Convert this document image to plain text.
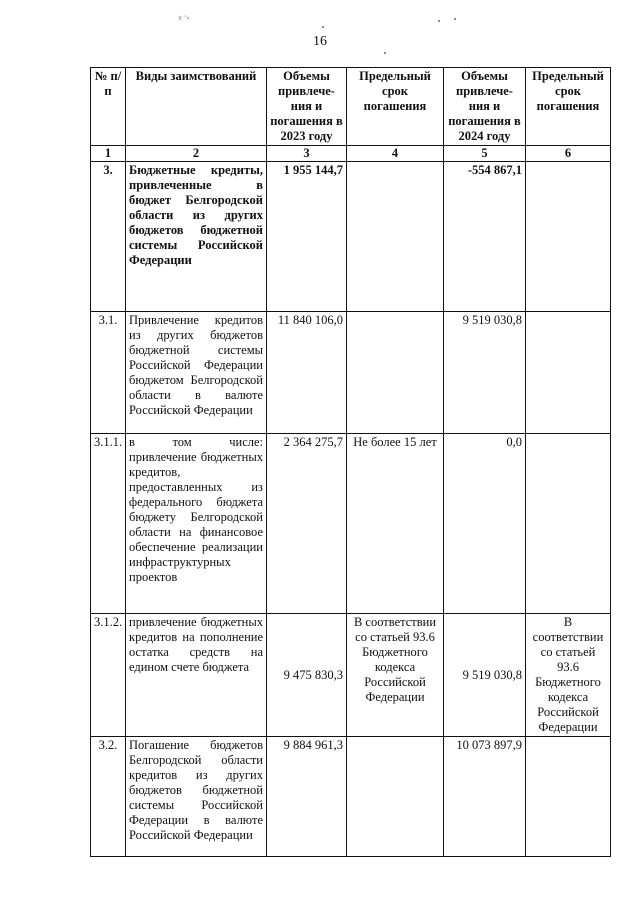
☓ ˜ᵃ
16
№ п/п	Виды заимствований	Объемы привлече- ния и погашения в 2023 году	Предельный срок погашения	Объемы привлече- ния и погашения в 2024 году	Предельный срок погашения
1	2	3	4	5	6
3.	Бюджетные кредиты, привлеченные в бюджет Белгородской области из других бюджетов бюджетной системы Российской Федерации	1 955 144,7		-554 867,1	
3.1.	Привлечение кредитов из других бюджетов бюджетной системы Российской Федерации бюджетом Белгородской области в валюте Российской Федерации	11 840 106,0		9 519 030,8	
3.1.1.	в том числе: привлечение бюджетных кредитов, предоставленных из федерального бюджета бюджету Белгородской области на финансовое обеспечение реализации инфраструктурных проектов	2 364 275,7	Не более 15 лет	0,0	
3.1.2.	привлечение бюджетных кредитов на пополнение остатка средств на едином счете бюджета	9 475 830,3	В соответствии со статьей 93.6 Бюджетного кодекса Российской Федерации	9 519 030,8	В соответствии со статьей 93.6 Бюджетного кодекса Российской Федерации
3.2.	Погашение бюджетов Белгородской области кредитов из других бюджетов бюджетной системы Российской Федерации в валюте Российской Федерации	9 884 961,3		10 073 897,9	
